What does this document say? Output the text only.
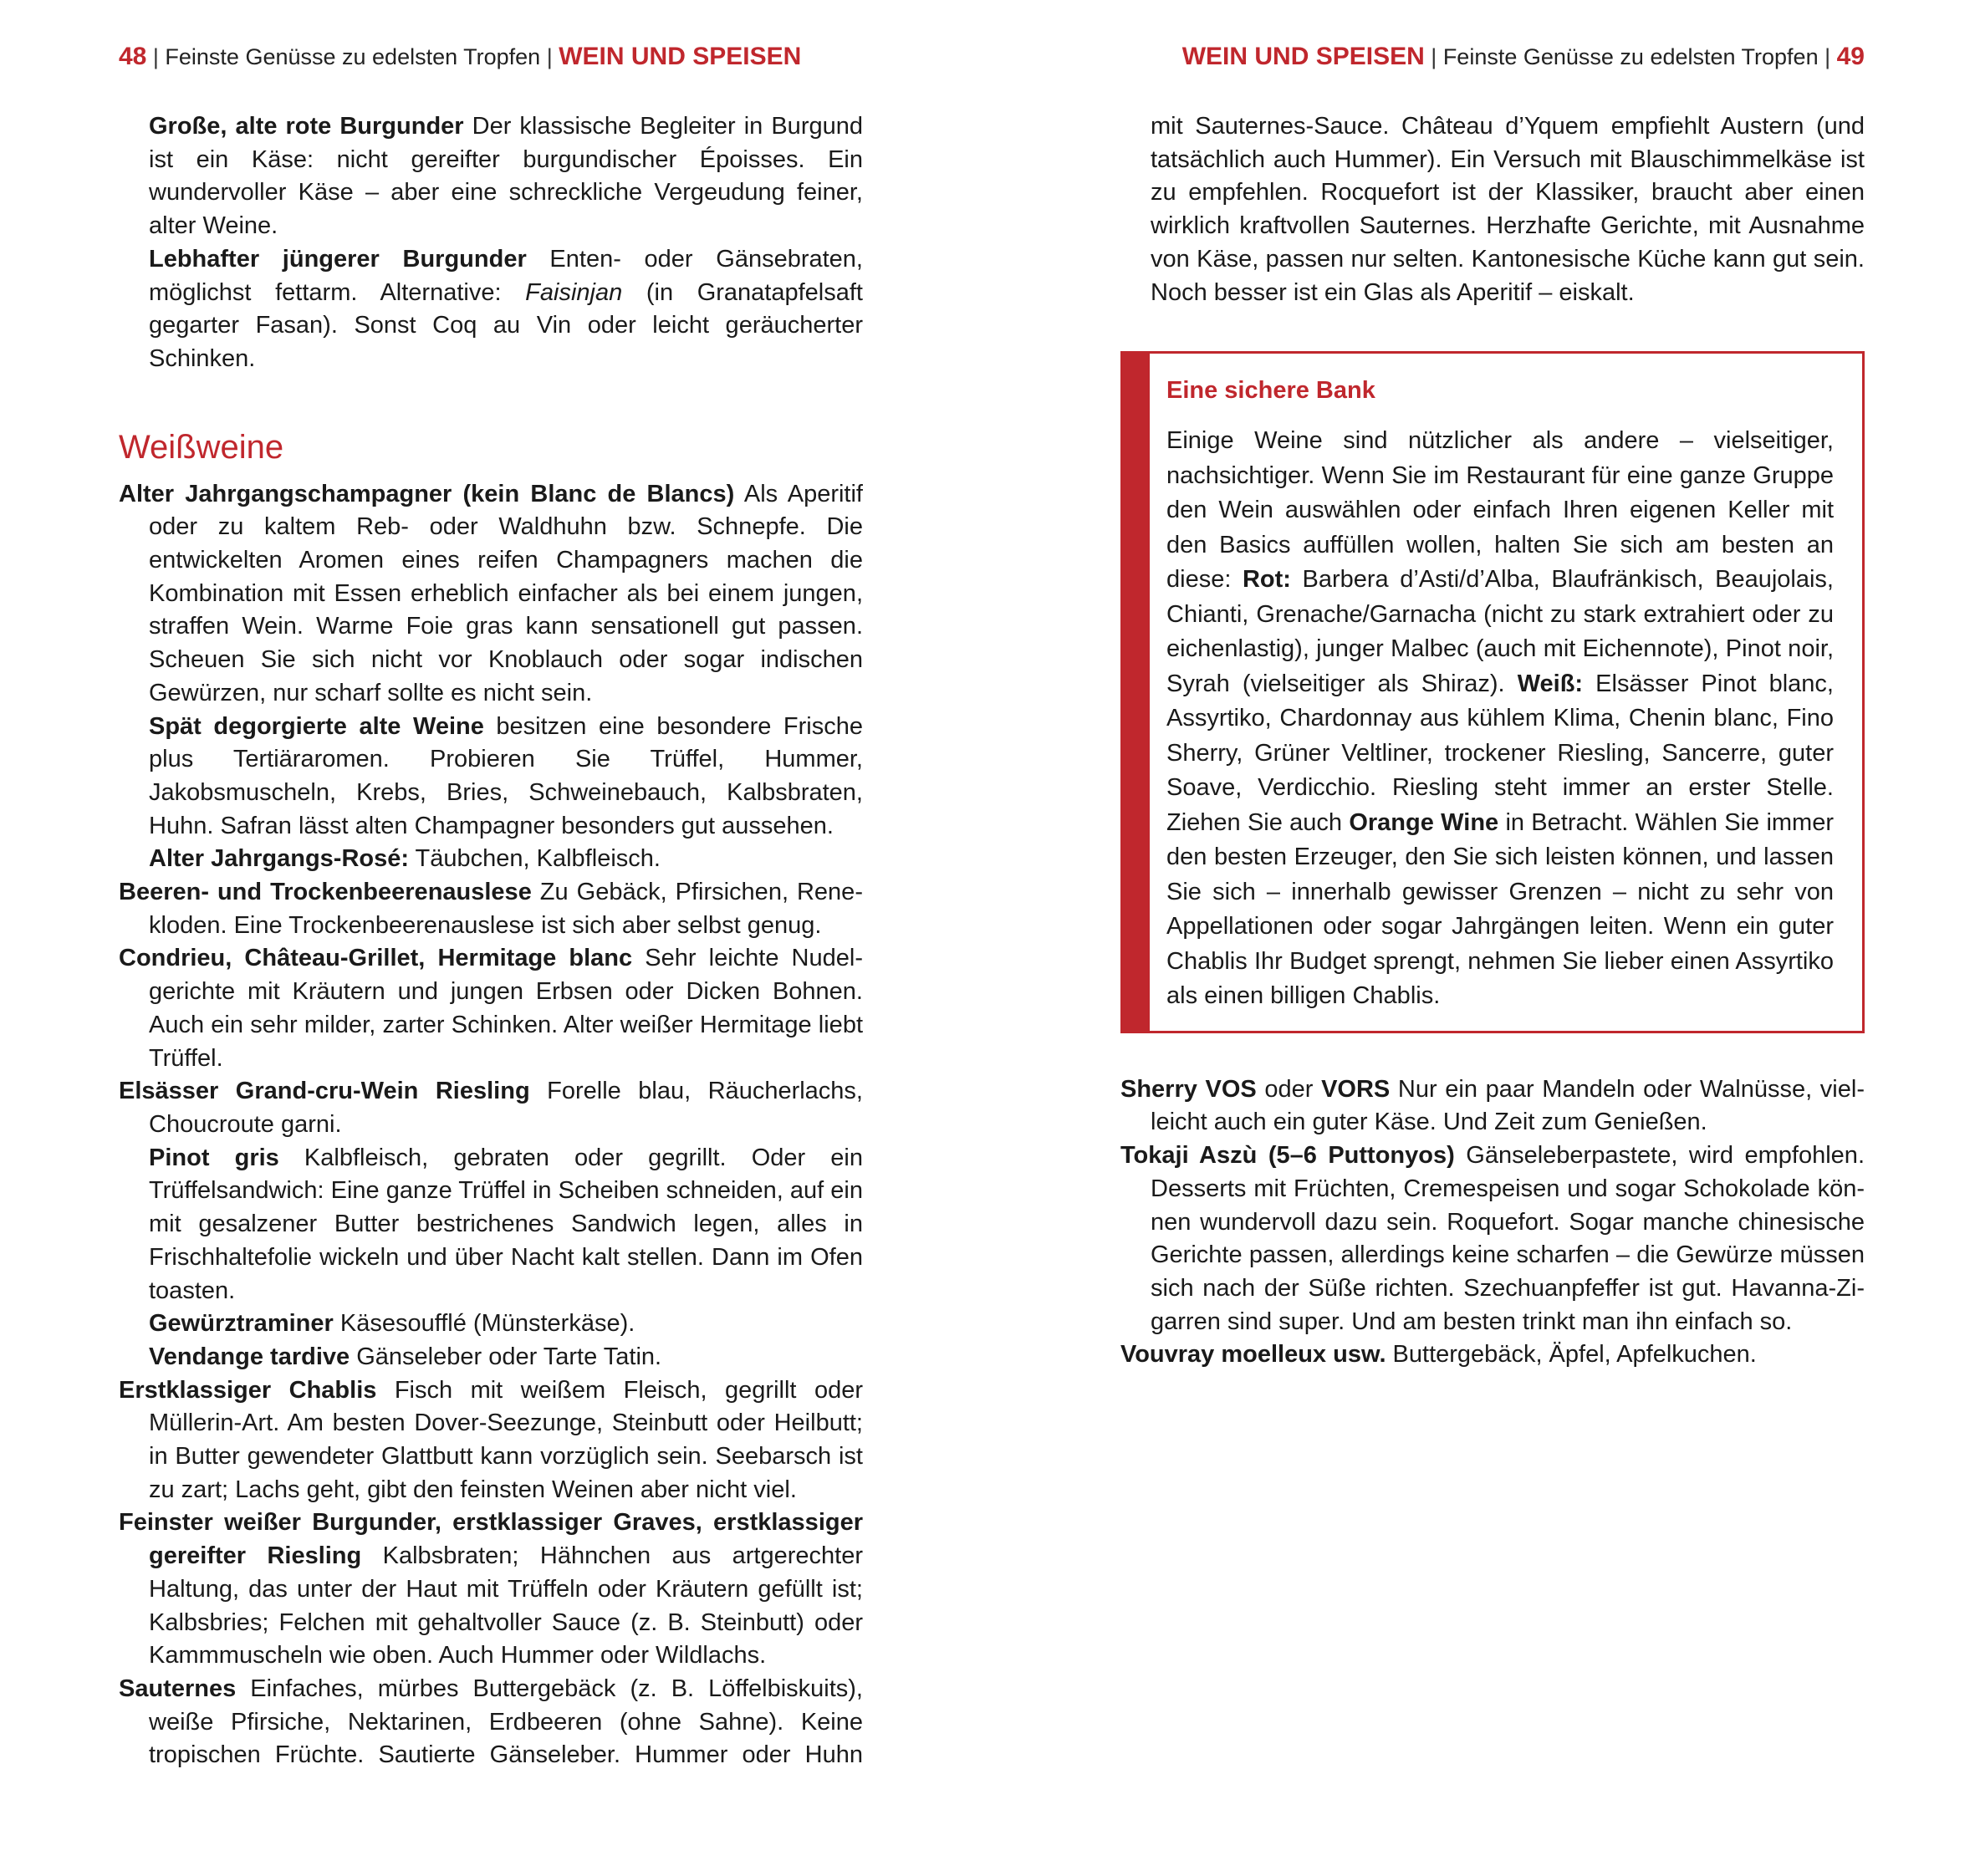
48 | Feinste Genüsse zu edelsten Tropfen | WEIN UND SPEISEN

Große, alte rote Burgunder Der klassische Begleiter in Burgund ist ein Käse: nicht gereifter burgundischer Époisses. Ein wundervoller Käse – aber eine schreckliche Vergeudung feiner, alter Weine.

Lebhafter jüngerer Burgunder Enten- oder Gänsebraten, möglichst fettarm. Alternative: Faisinjan (in Granatapfelsaft gegarter Fasan). Sonst Coq au Vin oder leicht geräucherter Schinken.

Weißweine

Alter Jahrgangschampagner (kein Blanc de Blancs) Als Aperitif oder zu kaltem Reb- oder Waldhuhn bzw. Schnepfe. Die entwickelten Aromen eines reifen Champagners machen die Kombination mit Essen erheblich einfacher als bei einem jungen, straffen Wein. Warme Foie gras kann sensationell gut passen. Scheuen Sie sich nicht vor Knoblauch oder sogar indischen Gewürzen, nur scharf sollte es nicht sein.

Spät degorgierte alte Weine besitzen eine besondere Frische plus Tertiäraromen. Probieren Sie Trüffel, Hummer, Jakobsmuscheln, Krebs, Bries, Schweinebauch, Kalbsbraten, Huhn. Safran lässt alten Champagner besonders gut aussehen.

Alter Jahrgangs-Rosé: Täubchen, Kalbfleisch.

Beeren- und Trockenbeerenauslese Zu Gebäck, Pfirsichen, Renekloden. Eine Trockenbeerenauslese ist sich aber selbst genug.

Condrieu, Château-Grillet, Hermitage blanc Sehr leichte Nudelgerichte mit Kräutern und jungen Erbsen oder Dicken Bohnen. Auch ein sehr milder, zarter Schinken. Alter weißer Hermitage liebt Trüffel.

Elsässer Grand-cru-Wein Riesling Forelle blau, Räucherlachs, Choucroute garni.

Pinot gris Kalbfleisch, gebraten oder gegrillt. Oder ein Trüffelsandwich: Eine ganze Trüffel in Scheiben schneiden, auf ein mit gesalzener Butter bestrichenes Sandwich legen, alles in Frischhaltefolie wickeln und über Nacht kalt stellen. Dann im Ofen toasten.

Gewürztraminer Käsesoufflé (Münsterkäse).

Vendange tardive Gänseleber oder Tarte Tatin.

Erstklassiger Chablis Fisch mit weißem Fleisch, gegrillt oder Müllerin-Art. Am besten Dover-Seezunge, Steinbutt oder Heilbutt; in Butter gewendeter Glattbutt kann vorzüglich sein. Seebarsch ist zu zart; Lachs geht, gibt den feinsten Weinen aber nicht viel.

Feinster weißer Burgunder, erstklassiger Graves, erstklassiger gereifter Riesling Kalbsbraten; Hähnchen aus artgerechter Haltung, das unter der Haut mit Trüffeln oder Kräutern gefüllt ist; Kalbsbries; Felchen mit gehaltvoller Sauce (z. B. Steinbutt) oder Kammmuscheln wie oben. Auch Hummer oder Wildlachs.

Sauternes Einfaches, mürbes Buttergebäck (z. B. Löffelbiskuits), weiße Pfirsiche, Nektarinen, Erdbeeren (ohne Sahne). Keine tropischen Früchte. Sautierte Gänseleber. Hummer oder Huhn

WEIN UND SPEISEN | Feinste Genüsse zu edelsten Tropfen | 49

mit Sauternes-Sauce. Château d’Yquem empfiehlt Austern (und tatsächlich auch Hummer). Ein Versuch mit Blauschimmelkäse ist zu empfehlen. Rocquefort ist der Klassiker, braucht aber einen wirklich kraftvollen Sauternes. Herzhafte Gerichte, mit Ausnahme von Käse, passen nur selten. Kantonesische Küche kann gut sein. Noch besser ist ein Glas als Aperitif – eiskalt.

Eine sichere Bank

Einige Weine sind nützlicher als andere – vielseitiger, nachsichtiger. Wenn Sie im Restaurant für eine ganze Gruppe den Wein auswählen oder einfach Ihren eigenen Keller mit den Basics auffüllen wollen, halten Sie sich am besten an diese: Rot: Barbera d’Asti/d’Alba, Blaufränkisch, Beaujolais, Chianti, Grenache/Garnacha (nicht zu stark extrahiert oder zu eichenlastig), junger Malbec (auch mit Eichennote), Pinot noir, Syrah (vielseitiger als Shiraz). Weiß: Elsässer Pinot blanc, Assyrtiko, Chardonnay aus kühlem Klima, Chenin blanc, Fino Sherry, Grüner Veltliner, trockener Riesling, Sancerre, guter Soave, Verdicchio. Riesling steht immer an erster Stelle. Ziehen Sie auch Orange Wine in Betracht. Wählen Sie immer den besten Erzeuger, den Sie sich leisten können, und lassen Sie sich – innerhalb gewisser Grenzen – nicht zu sehr von Appellationen oder sogar Jahrgängen leiten. Wenn ein guter Chablis Ihr Budget sprengt, nehmen Sie lieber einen Assyrtiko als einen billigen Chablis.

Sherry VOS oder VORS Nur ein paar Mandeln oder Walnüsse, vielleicht auch ein guter Käse. Und Zeit zum Genießen.

Tokaji Aszù (5–6 Puttonyos) Gänseleberpastete, wird empfohlen. Desserts mit Früchten, Cremespeisen und sogar Schokolade können wundervoll dazu sein. Roquefort. Sogar manche chinesische Gerichte passen, allerdings keine scharfen – die Gewürze müssen sich nach der Süße richten. Szechuanpfeffer ist gut. Havanna-Zigarren sind super. Und am besten trinkt man ihn einfach so.

Vouvray moelleux usw. Buttergebäck, Äpfel, Apfelkuchen.
